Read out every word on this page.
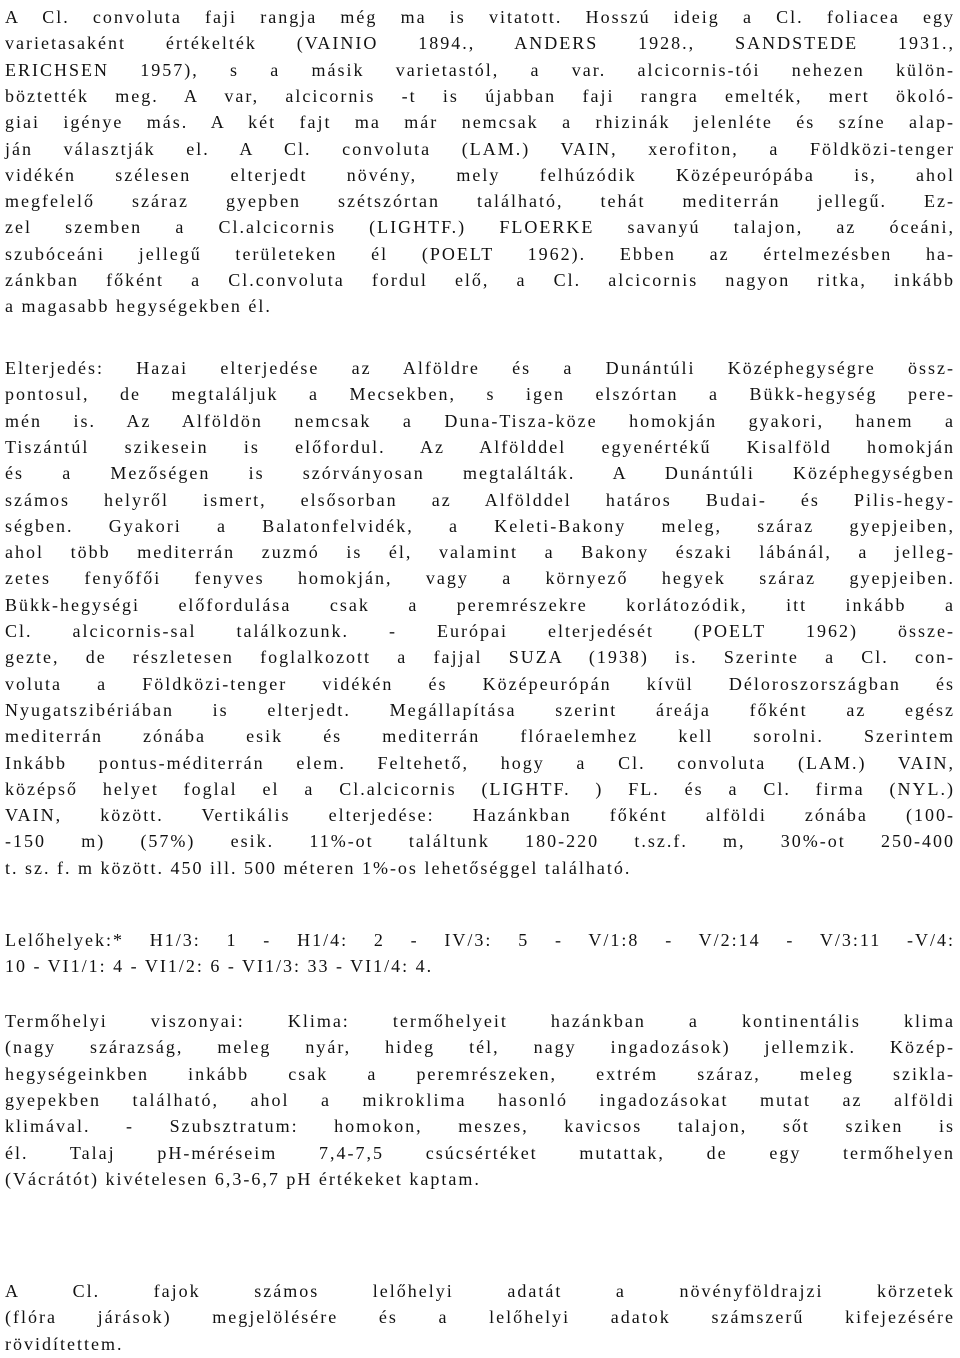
A Cl. convoluta faji rangja még ma is vitatott. Hosszú ideig a Cl. foliacea egy
varietasaként értékelték (VAINIO 1894., ANDERS 1928., SANDSTEDE 1931.,
ERICHSEN 1957), s a másik varietastól, a var. alcicornis-tói nehezen külön-
böztették meg. A var, alcicornis -t is újabban faji rangra emelték, mert ökoló-
giai igénye más. A két fajt ma már nemcsak a rhizinák jelenléte és színe alap-
ján választják el. A Cl. convoluta (LAM.) VAIN, xerofiton, a Földközi-tenger
vidékén szélesen elterjedt növény, mely felhúzódik Középeurópába is, ahol
megfelelő száraz gyepben szétszórtan található, tehát mediterrán jellegű. Ez-
zel szemben a Cl.alcicornis (LIGHTF.) FLOERKE savanyú talajon, az óceáni,
szubóceáni jellegű területeken él (POELT 1962). Ebben az értelmezésben ha-
zánkban főként a Cl.convoluta fordul elő, a Cl. alcicornis nagyon ritka, inkább
a magasabb hegységekben él.
Elterjedés: Hazai elterjedése az Alföldre és a Dunántúli Középhegységre össz-
pontosul, de megtaláljuk a Mecsekben, s igen elszórtan a Bükk-hegység pere-
mén is. Az Alföldön nemcsak a Duna-Tisza-köze homokján gyakori, hanem a
Tiszántúl szikesein is előfordul. Az Alfölddel egyenértékű Kisalföld homokján
és a Mezőségen is szórványosan megtalálták. A Dunántúli Középhegységben
számos helyről ismert, elsősorban az Alfölddel határos Budai- és Pilis-hegy-
ségben. Gyakori a Balatonfelvidék, a Keleti-Bakony meleg, száraz gyepjeiben,
ahol több mediterrán zuzmó is él, valamint a Bakony északi lábánál, a jelleg-
zetes fenyőfői fenyves homokján, vagy a környező hegyek száraz gyepjeiben.
Bükk-hegységi előfordulása csak a peremrészekre korlátozódik, itt inkább a
Cl. alcicornis-sal találkozunk. - Európai elterjedését (POELT 1962) össze-
gezte, de részletesen foglalkozott a fajjal SUZA (1938) is. Szerinte a Cl. con-
voluta a Földközi-tenger vidékén és Középeurópán kívül Déloroszországban és
Nyugatszibériában is elterjedt. Megállapítása szerint áreája főként az egész
mediterrán zónába esik és mediterrán flóraelemhez kell sorolni. Szerintem
Inkább pontus-méditerrán elem. Feltehető, hogy a Cl. convoluta (LAM.) VAIN,
középső helyet foglal el a Cl.alcicornis (LIGHTF. ) FL. és a Cl. firma (NYL.)
VAIN, között. Vertikális elterjedése: Hazánkban főként alföldi zónába (100-
-150 m) (57%) esik. 11%-ot találtunk 180-220 t.sz.f. m, 30%-ot 250-400
t. sz. f. m között. 450 ill. 500 méteren 1%-os lehetőséggel található.
Lelőhelyek:* H1/3: 1 - H1/4: 2 - IV/3: 5 - V/1:8 - V/2:14 - V/3:11 -V/4:
10 - VI1/1: 4 - VI1/2: 6 - VI1/3: 33 - VI1/4: 4.
Termőhelyi viszonyai: Klima: termőhelyeit hazánkban a kontinentális klima
(nagy szárazság, meleg nyár, hideg tél, nagy ingadozások) jellemzik. Közép-
hegységeinkben inkább csak a peremrészeken, extrém száraz, meleg szikla-
gyepekben található, ahol a mikroklima hasonló ingadozásokat mutat az alföldi
klimával. - Szubsztratum: homokon, meszes, kavicsos talajon, sőt sziken is
él. Talaj pH-méréseim 7,4-7,5 csúcsértéket mutattak, de egy termőhelyen
(Vácrátót) kivételesen 6,3-6,7 pH értékeket kaptam.
A Cl. fajok számos lelőhelyi adatát a növényföldrajzi körzetek
(flóra járások) megjelölésére és a lelőhelyi adatok számszerű kifejezésére
rövidítettem.
